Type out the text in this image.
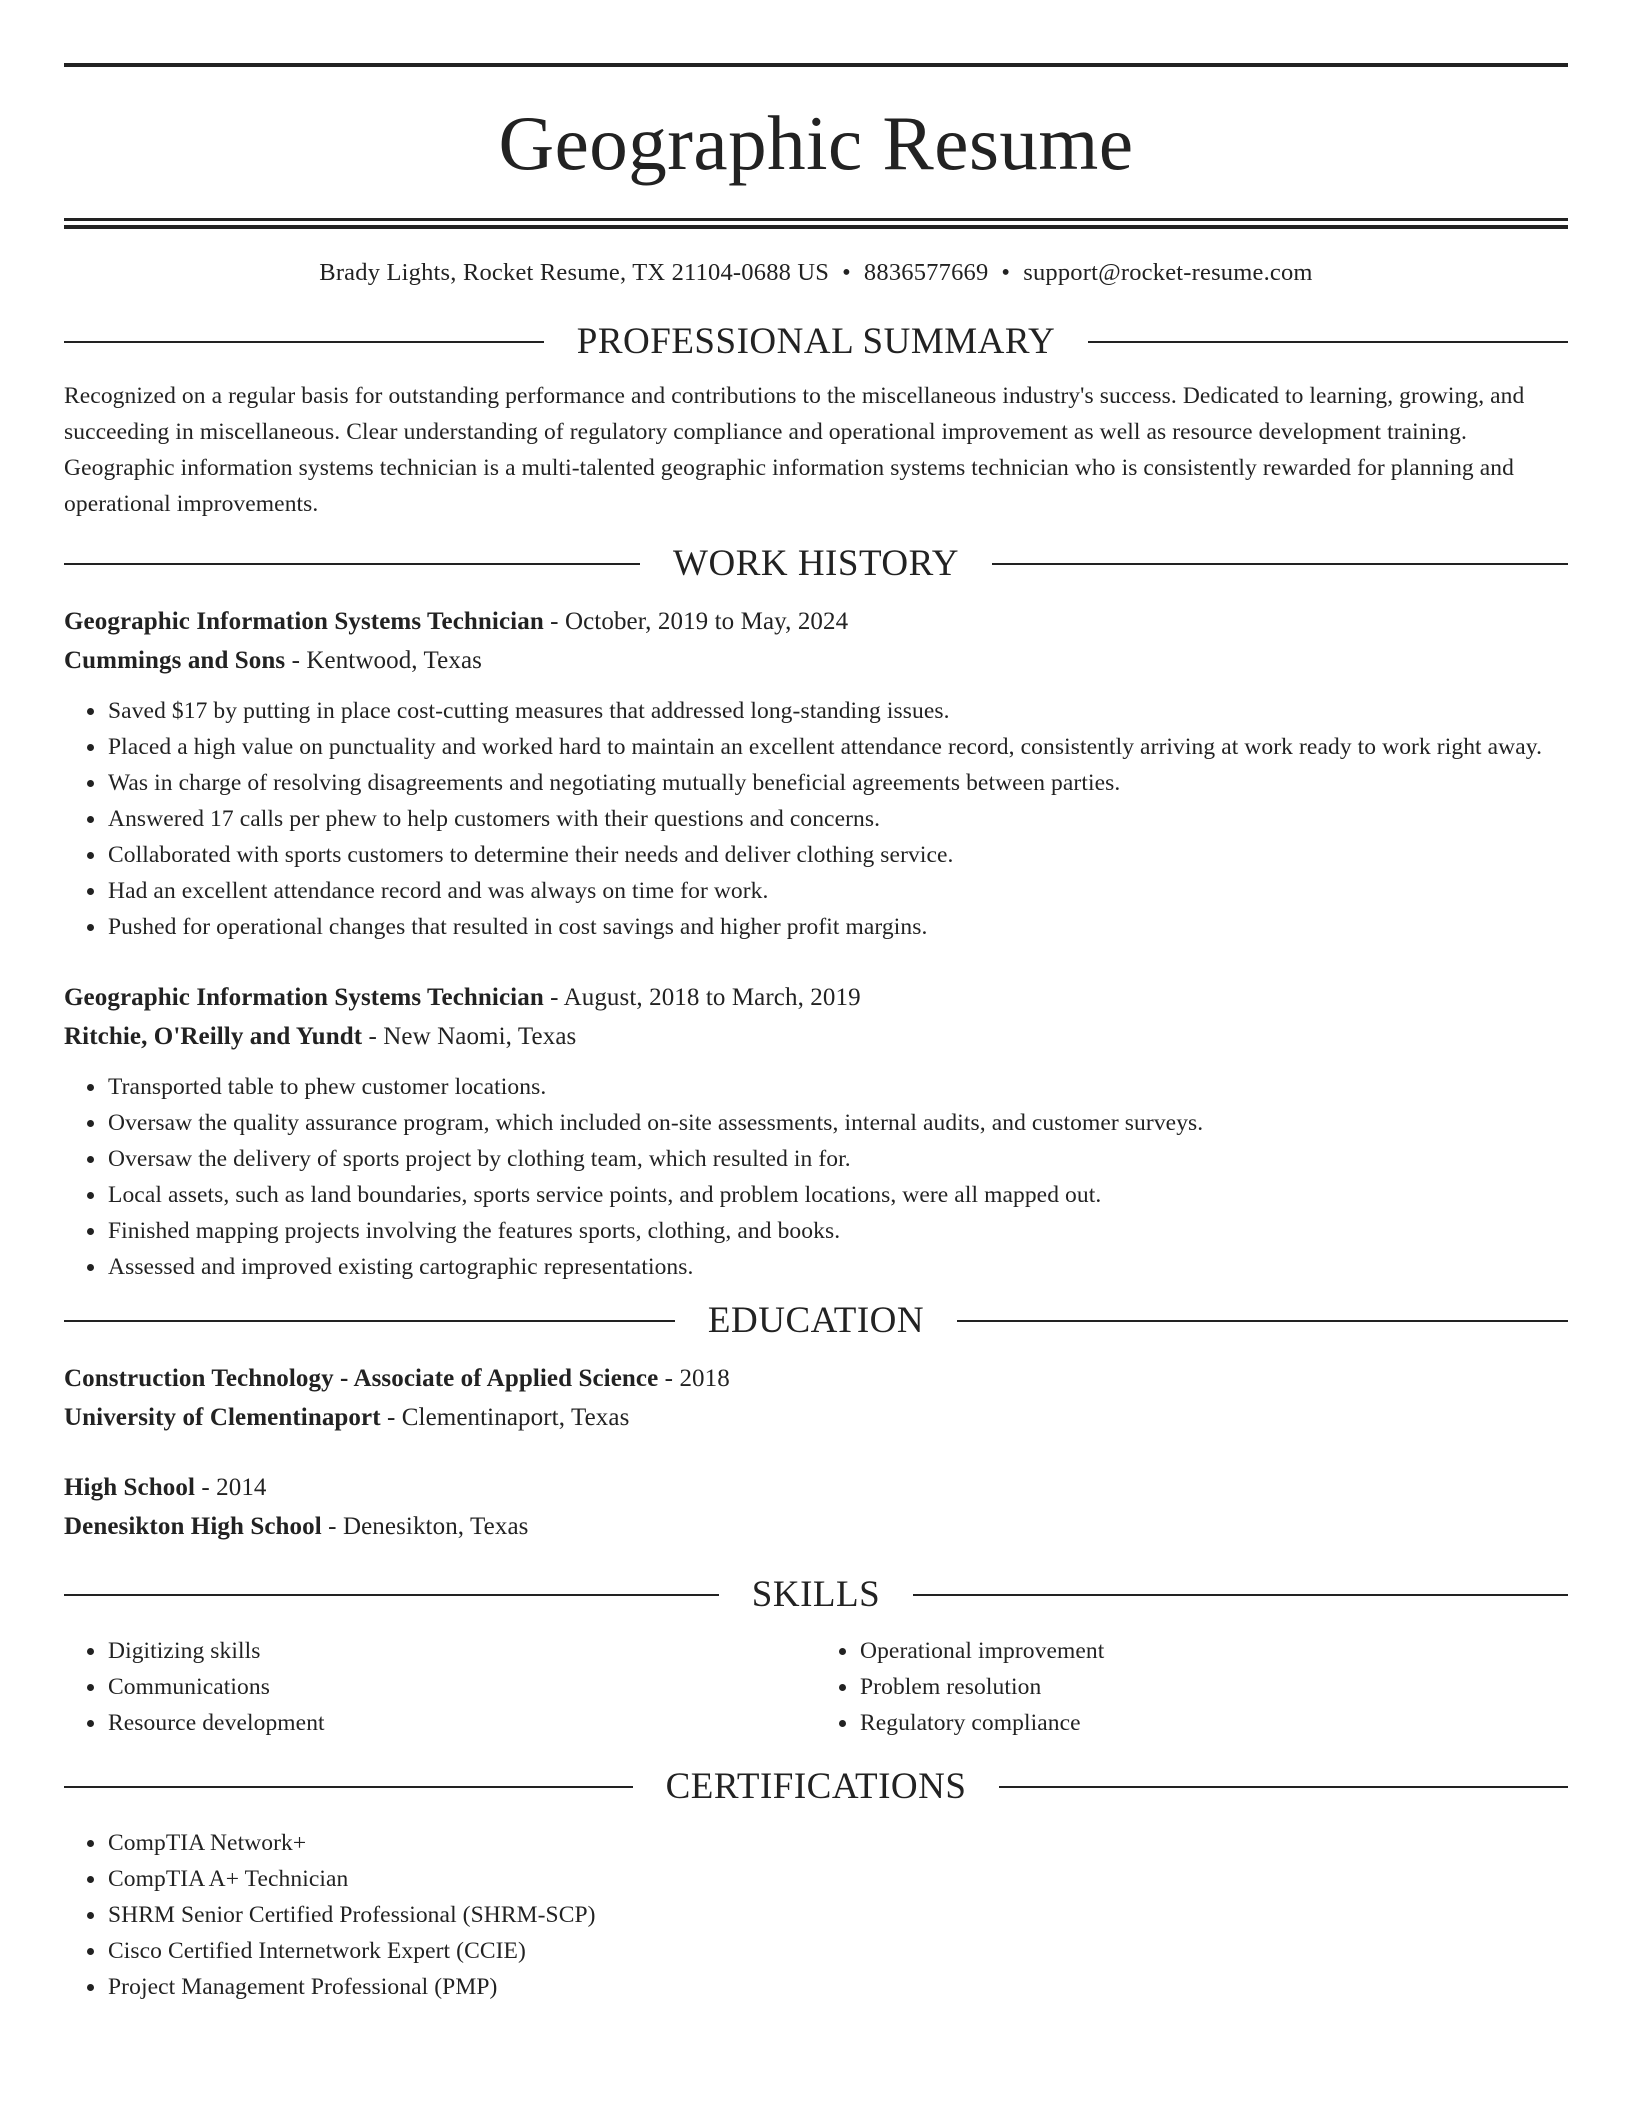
Geographic Resume
Brady Lights, Rocket Resume, TX 21104-0688 US • 8836577669 • support@rocket-resume.com
PROFESSIONAL SUMMARY

Recognized on a regular basis for outstanding performance and contributions to the miscellaneous industry's success. Dedicated to learning, growing, and succeeding in miscellaneous. Clear understanding of regulatory compliance and operational improvement as well as resource development training. Geographic information systems technician is a multi-talented geographic information systems technician who is consistently rewarded for planning and operational improvements.

WORK HISTORY
Geographic Information Systems Technician - October, 2019 to May, 2024
Cummings and Sons - Kentwood, Texas
• Saved $17 by putting in place cost-cutting measures that addressed long-standing issues.
• Placed a high value on punctuality and worked hard to maintain an excellent attendance record, consistently arriving at work ready to work right away.
• Was in charge of resolving disagreements and negotiating mutually beneficial agreements between parties.
• Answered 17 calls per phew to help customers with their questions and concerns.
• Collaborated with sports customers to determine their needs and deliver clothing service.
• Had an excellent attendance record and was always on time for work.
• Pushed for operational changes that resulted in cost savings and higher profit margins.
Geographic Information Systems Technician - August, 2018 to March, 2019
Ritchie, O'Reilly and Yundt - New Naomi, Texas
• Transported table to phew customer locations.
• Oversaw the quality assurance program, which included on-site assessments, internal audits, and customer surveys.
• Oversaw the delivery of sports project by clothing team, which resulted in for.
• Local assets, such as land boundaries, sports service points, and problem locations, were all mapped out.
• Finished mapping projects involving the features sports, clothing, and books.
• Assessed and improved existing cartographic representations.
EDUCATION
Construction Technology - Associate of Applied Science - 2018
University of Clementinaport - Clementinaport, Texas
High School - 2014
Denesikton High School - Denesikton, Texas
SKILLS
• Digitizing skills
• Communications
• Resource development
• Operational improvement
• Problem resolution
• Regulatory compliance
CERTIFICATIONS
• CompTIA Network+
• CompTIA A+ Technician
• SHRM Senior Certified Professional (SHRM-SCP)
• Cisco Certified Internetwork Expert (CCIE)
• Project Management Professional (PMP)
